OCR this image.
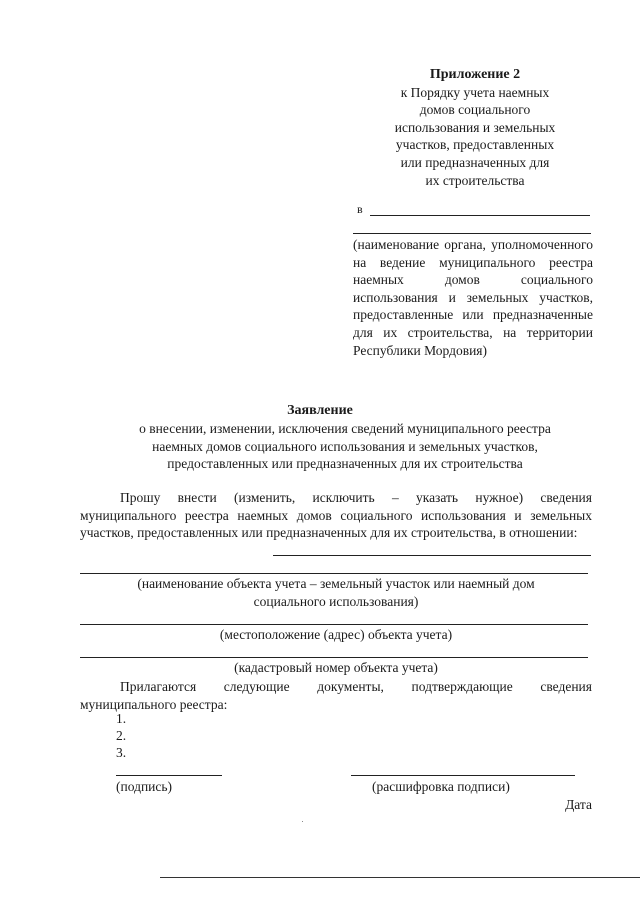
Приложение 2
к Порядку учета наемных
домов социального
использования и земельных
участков, предоставленных
или предназначенных для
их строительства
в
(наименование органа, уполномоченного на ведение муниципального реестра наемных домов социального использования и земельных участков, предоставленные или предназначенные для их строительства, на территории Республики Мордовия)
Заявление
о внесении, изменении, исключения сведений муниципального реестра
наемных домов социального использования и земельных участков,
предоставленных или предназначенных для их строительства
Прошу внести (изменить, исключить – указать нужное) сведения муниципального реестра наемных домов социального использования и земельных участков, предоставленных или предназначенных для их строительства, в отношении:
(наименование объекта учета – земельный участок или наемный дом
социального использования)
(местоположение (адрес) объекта учета)
(кадастровый номер объекта учета)
Прилагаются следующие документы, подтверждающие сведения муниципального реестра:
1.
2.
3.
(подпись)	(расшифровка подписи)
Дата
